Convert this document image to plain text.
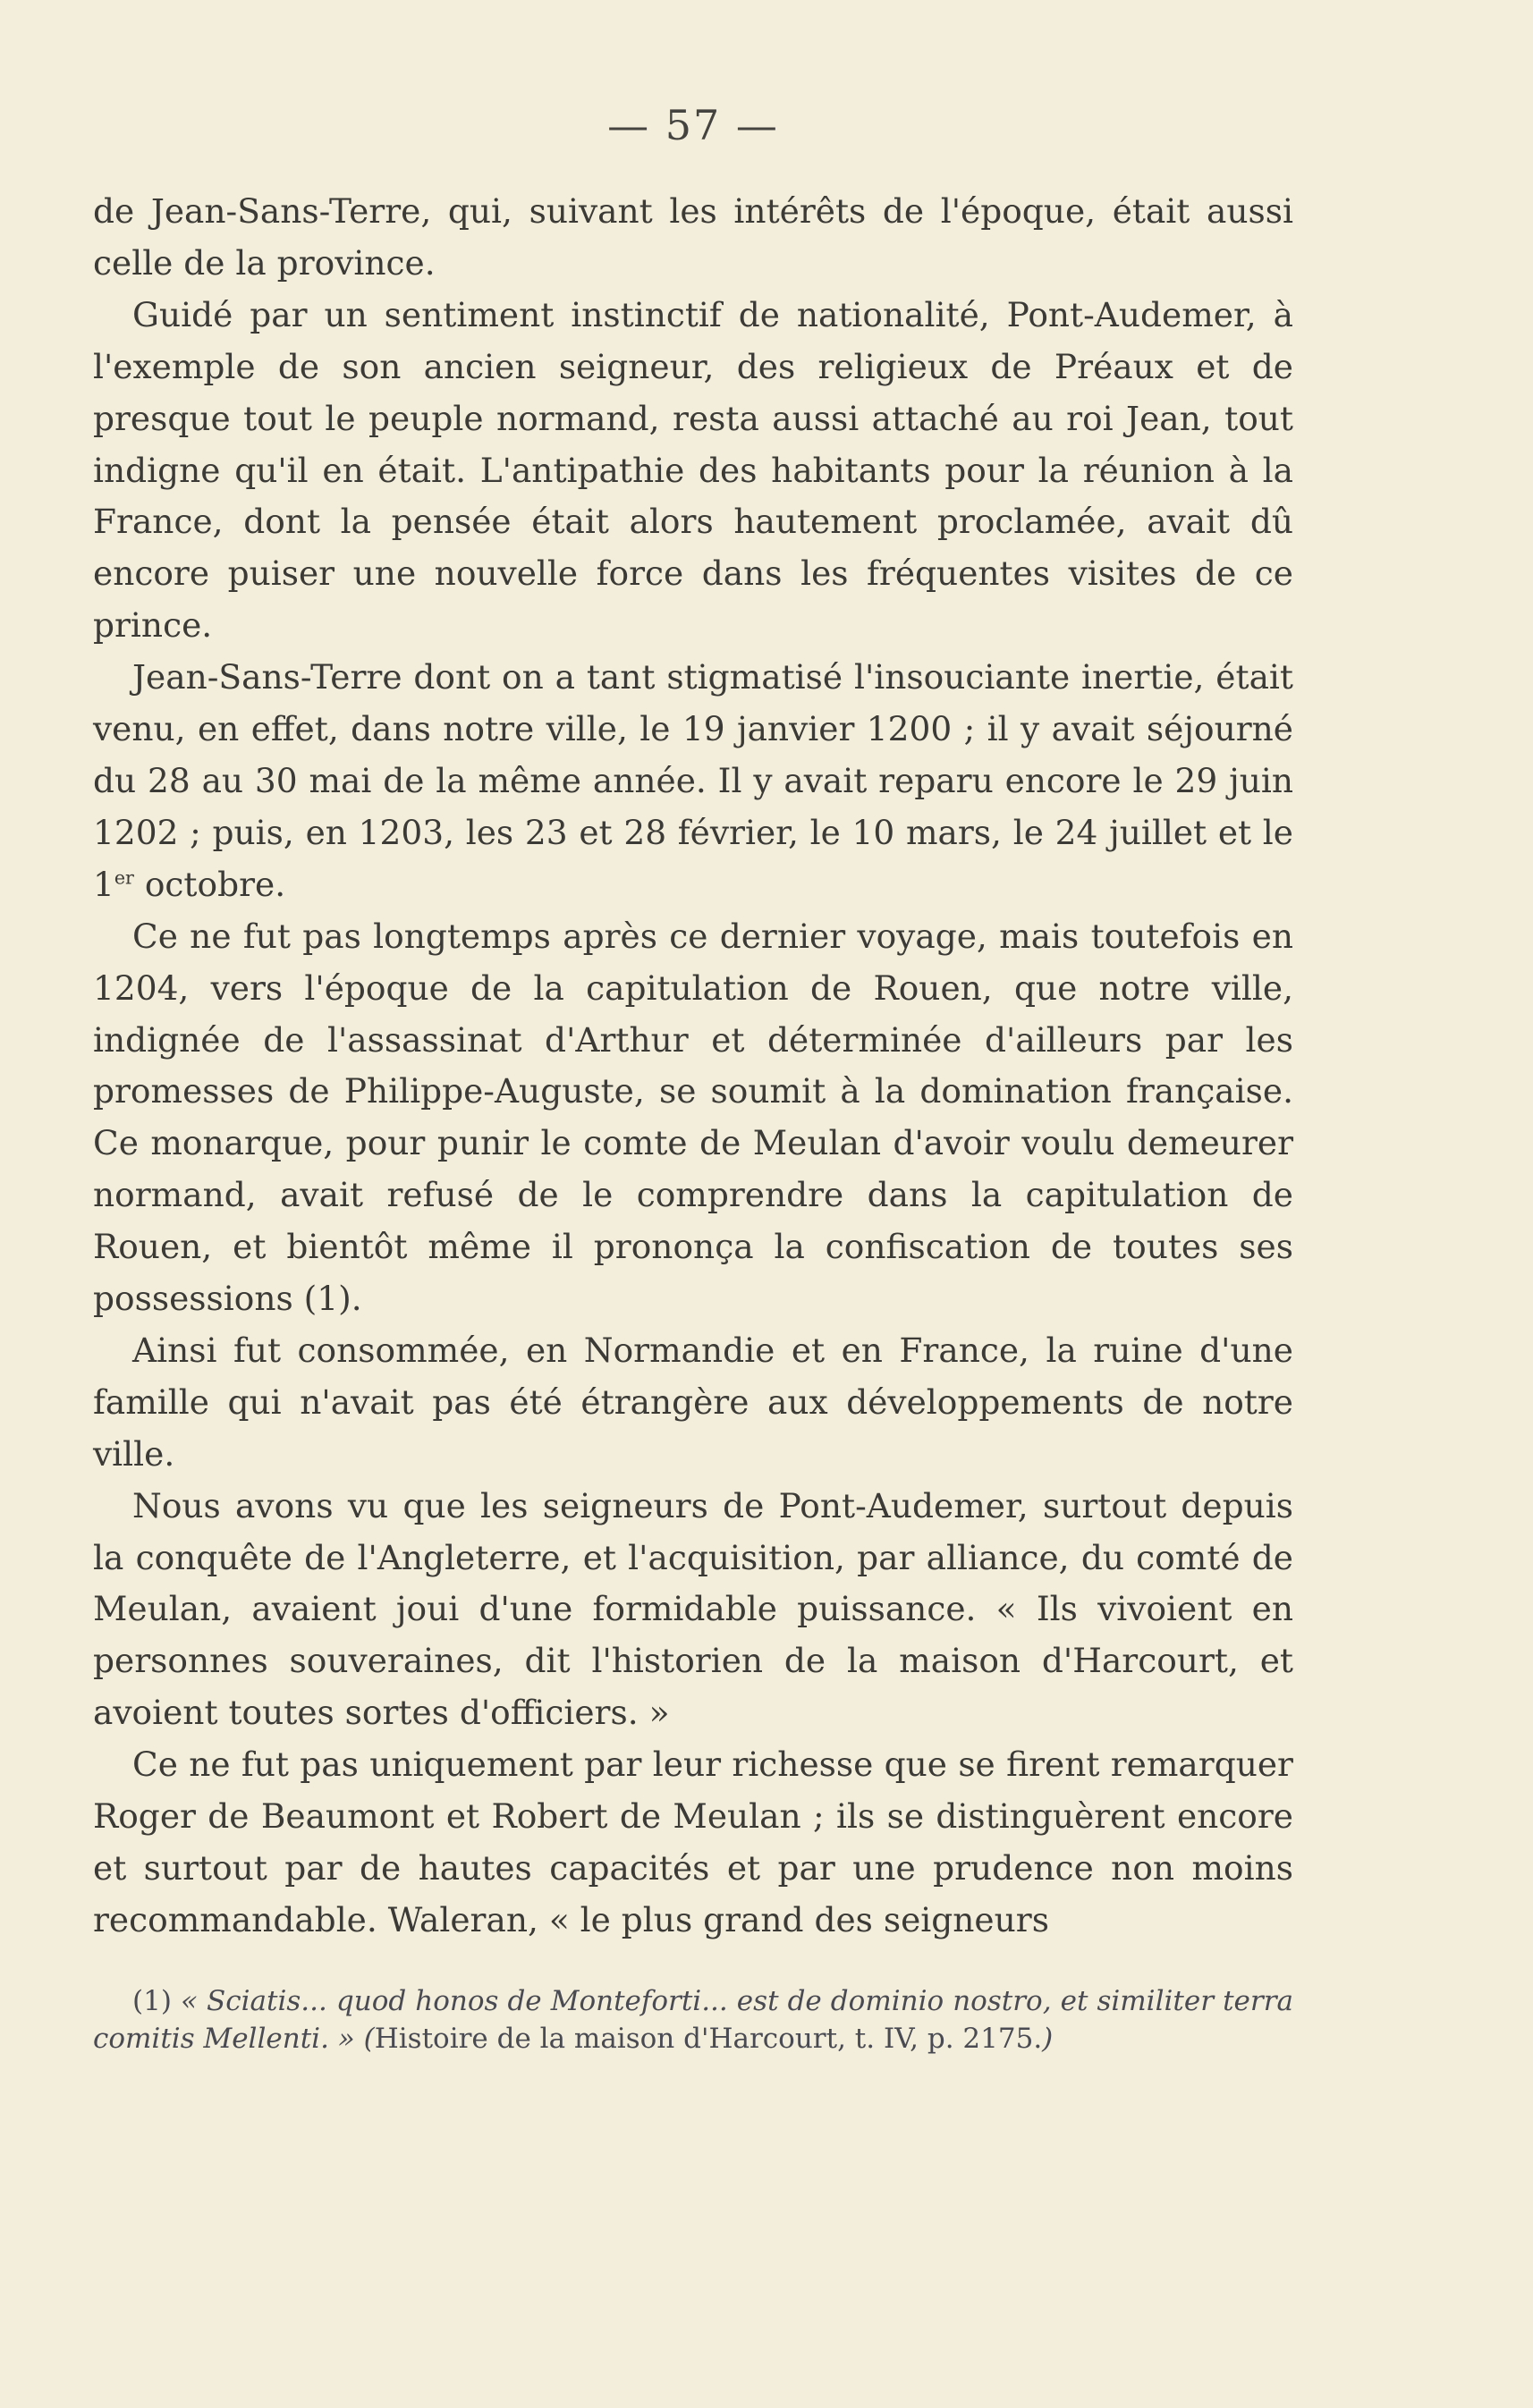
— 57 —

de Jean-Sans-Terre, qui, suivant les intérêts de l'époque, était aussi celle de la province.

Guidé par un sentiment instinctif de nationalité, Pont-Audemer, à l'exemple de son ancien seigneur, des religieux de Préaux et de presque tout le peuple normand, resta aussi attaché au roi Jean, tout indigne qu'il en était. L'antipathie des habitants pour la réunion à la France, dont la pensée était alors hautement proclamée, avait dû encore puiser une nouvelle force dans les fréquentes visites de ce prince.

Jean-Sans-Terre dont on a tant stigmatisé l'insouciante inertie, était venu, en effet, dans notre ville, le 19 janvier 1200 ; il y avait séjourné du 28 au 30 mai de la même année. Il y avait reparu encore le 29 juin 1202 ; puis, en 1203, les 23 et 28 février, le 10 mars, le 24 juillet et le 1er octobre.

Ce ne fut pas longtemps après ce dernier voyage, mais toutefois en 1204, vers l'époque de la capitulation de Rouen, que notre ville, indignée de l'assassinat d'Arthur et déterminée d'ailleurs par les promesses de Philippe-Auguste, se soumit à la domination française. Ce monarque, pour punir le comte de Meulan d'avoir voulu demeurer normand, avait refusé de le comprendre dans la capitulation de Rouen, et bientôt même il prononça la confiscation de toutes ses possessions (1).

Ainsi fut consommée, en Normandie et en France, la ruine d'une famille qui n'avait pas été étrangère aux développements de notre ville.

Nous avons vu que les seigneurs de Pont-Audemer, surtout depuis la conquête de l'Angleterre, et l'acquisition, par alliance, du comté de Meulan, avaient joui d'une formidable puissance. « Ils vivoient en personnes souveraines, dit l'historien de la maison d'Harcourt, et avoient toutes sortes d'officiers. »

Ce ne fut pas uniquement par leur richesse que se firent remarquer Roger de Beaumont et Robert de Meulan ; ils se distinguèrent encore et surtout par de hautes capacités et par une prudence non moins recommandable. Waleran, « le plus grand des seigneurs

(1) « Sciatis... quod honos de Monteforti... est de dominio nostro, et similiter terra comitis Mellenti. » (Histoire de la maison d'Harcourt, t. IV, p. 2175.)
